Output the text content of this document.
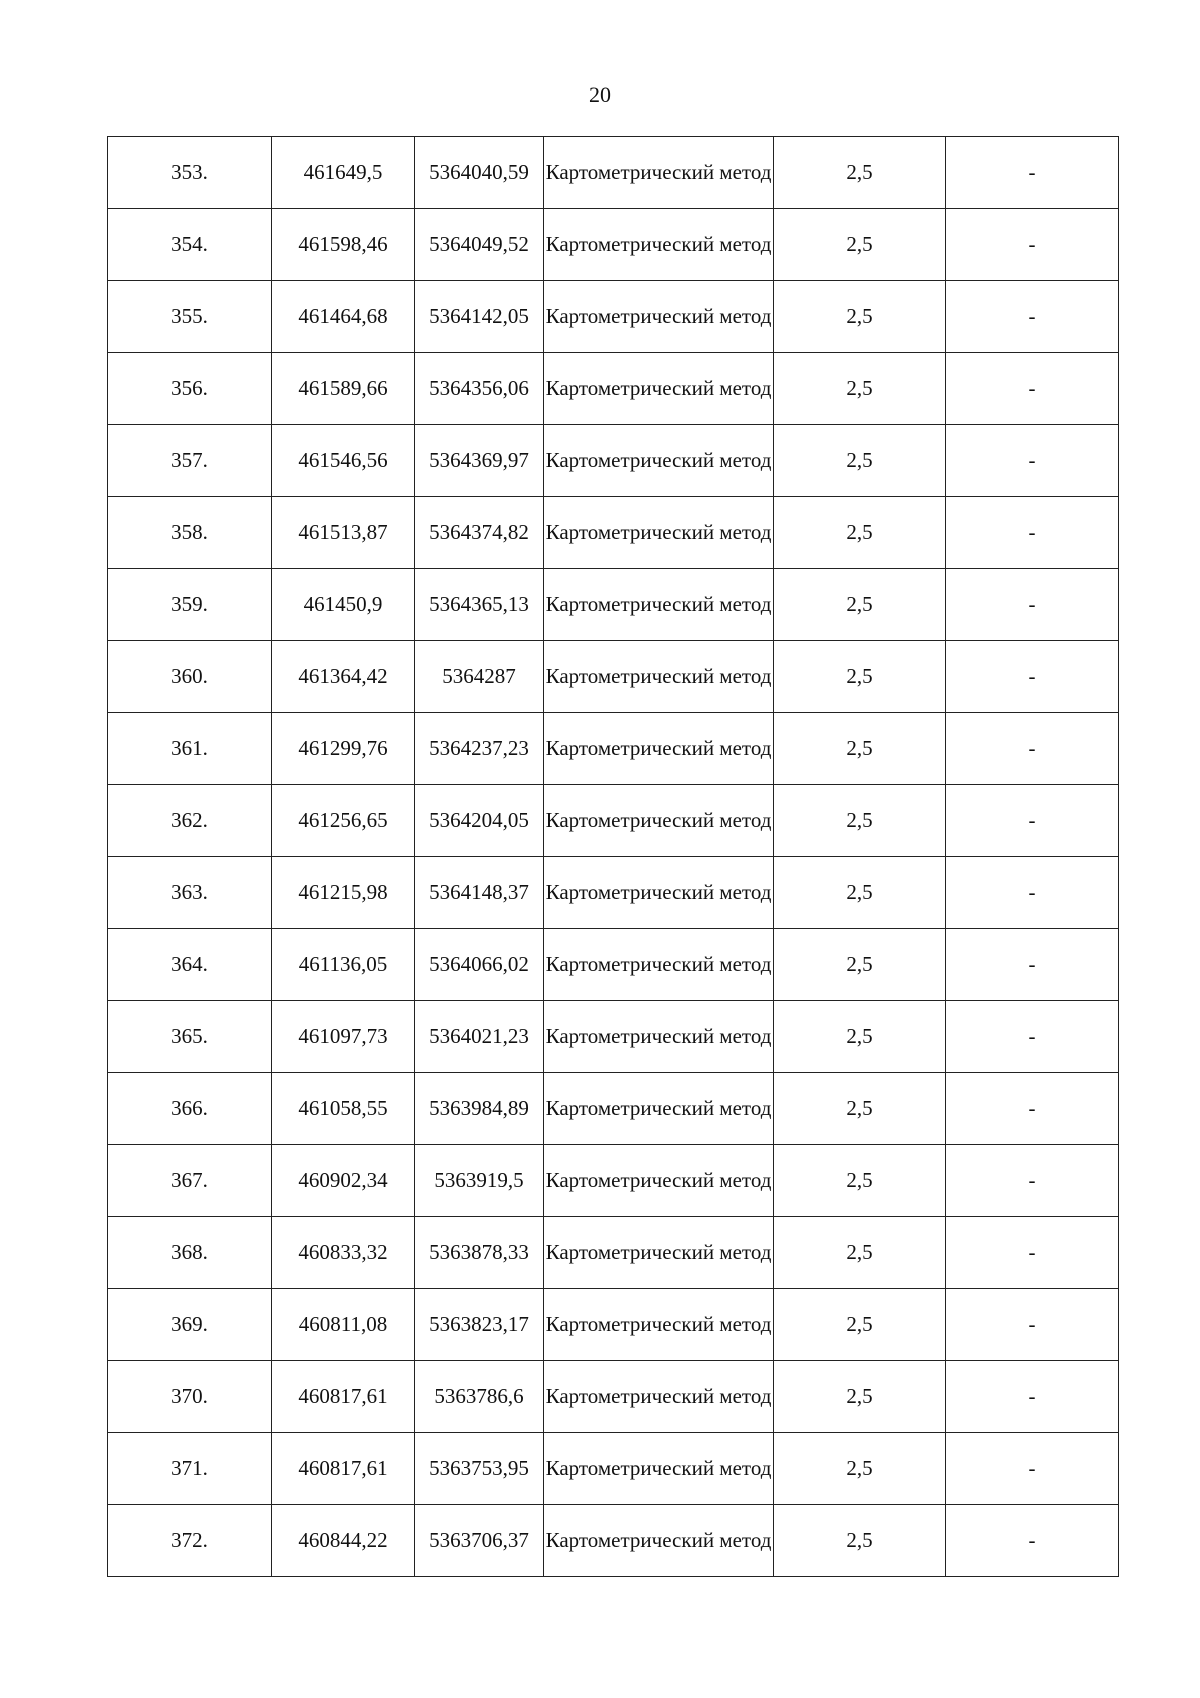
20
353.	461649,5	5364040,59	Картометрический метод	2,5	-
354.	461598,46	5364049,52	Картометрический метод	2,5	-
355.	461464,68	5364142,05	Картометрический метод	2,5	-
356.	461589,66	5364356,06	Картометрический метод	2,5	-
357.	461546,56	5364369,97	Картометрический метод	2,5	-
358.	461513,87	5364374,82	Картометрический метод	2,5	-
359.	461450,9	5364365,13	Картометрический метод	2,5	-
360.	461364,42	5364287	Картометрический метод	2,5	-
361.	461299,76	5364237,23	Картометрический метод	2,5	-
362.	461256,65	5364204,05	Картометрический метод	2,5	-
363.	461215,98	5364148,37	Картометрический метод	2,5	-
364.	461136,05	5364066,02	Картометрический метод	2,5	-
365.	461097,73	5364021,23	Картометрический метод	2,5	-
366.	461058,55	5363984,89	Картометрический метод	2,5	-
367.	460902,34	5363919,5	Картометрический метод	2,5	-
368.	460833,32	5363878,33	Картометрический метод	2,5	-
369.	460811,08	5363823,17	Картометрический метод	2,5	-
370.	460817,61	5363786,6	Картометрический метод	2,5	-
371.	460817,61	5363753,95	Картометрический метод	2,5	-
372.	460844,22	5363706,37	Картометрический метод	2,5	-
